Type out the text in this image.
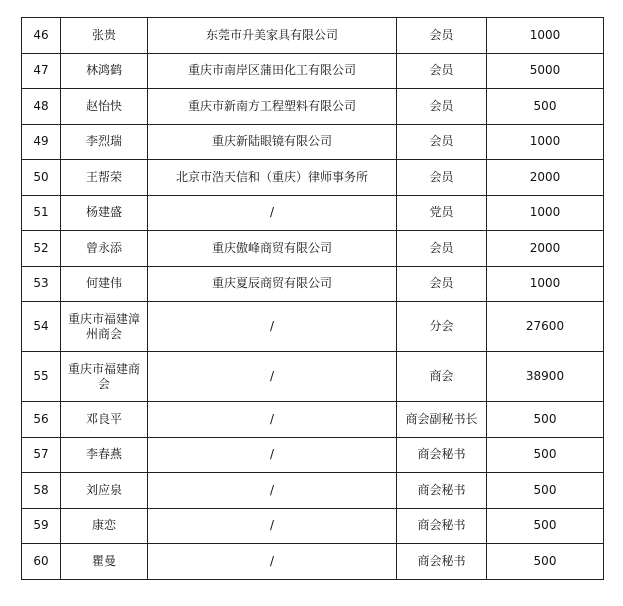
46	张贵	东莞市升美家具有限公司	会员	1000
47	林鸿鹤	重庆市南岸区蒲田化工有限公司	会员	5000
48	赵怡快	重庆市新南方工程塑料有限公司	会员	500
49	李烈瑞	重庆新陆眼镜有限公司	会员	1000
50	王帮荣	北京市浩天信和（重庆）律师事务所	会员	2000
51	杨建盛	/	党员	1000
52	曾永添	重庆傲峰商贸有限公司	会员	2000
53	何建伟	重庆夏辰商贸有限公司	会员	1000
54	重庆市福建漳州商会	/	分会	27600
55	重庆市福建商会	/	商会	38900
56	邓良平	/	商会副秘书长	500
57	李春燕	/	商会秘书	500
58	刘应泉	/	商会秘书	500
59	康恋	/	商会秘书	500
60	瞿曼	/	商会秘书	500
